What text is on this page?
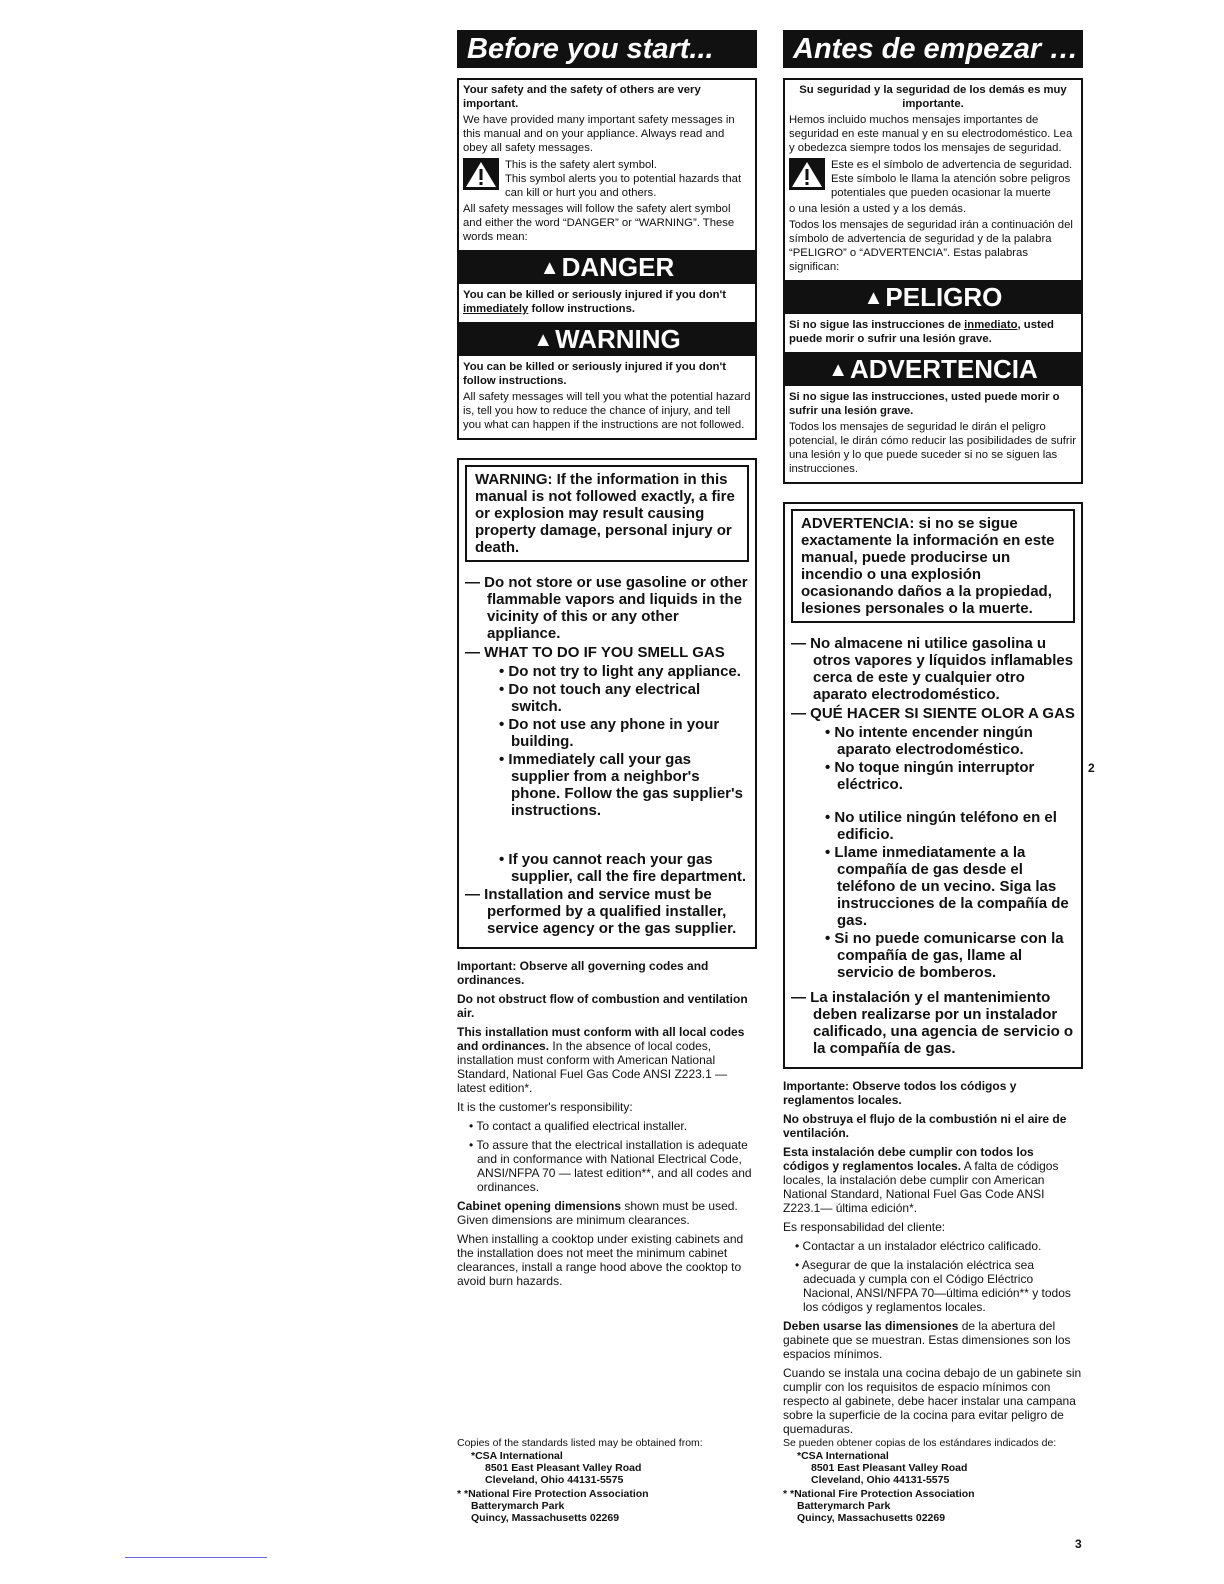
Before you start...

Your safety and the safety of others are very important.

We have provided many important safety messages in this manual and on your appliance. Always read and obey all safety messages.

This is the safety alert symbol.

This symbol alerts you to potential hazards that can kill or hurt you and others.

All safety messages will follow the safety alert symbol and either the word “DANGER” or “WARNING”. These words mean:

▲DANGER

You can be killed or seriously injured if you don't immediately follow instructions.

▲WARNING

You can be killed or seriously injured if you don't follow instructions.

All safety messages will tell you what the potential hazard is, tell you how to reduce the chance of injury, and tell you what can happen if the instructions are not followed.

WARNING: If the information in this manual is not followed exactly, a fire or explosion may result causing property damage, personal injury or death.

— Do not store or use gasoline or other flammable vapors and liquids in the vicinity of this or any other appliance.

— WHAT TO DO IF YOU SMELL GAS

• Do not try to light any appliance.

• Do not touch any electrical switch.

• Do not use any phone in your building.

• Immediately call your gas supplier from a neighbor's phone. Follow the gas supplier's instructions.

• If you cannot reach your gas supplier, call the fire department.

— Installation and service must be performed by a qualified installer, service agency or the gas supplier.

Important: Observe all governing codes and ordinances.

Do not obstruct flow of combustion and ventilation air.

This installation must conform with all local codes and ordinances. In the absence of local codes, installation must conform with American National Standard, National Fuel Gas Code ANSI Z223.1 — latest edition*.

It is the customer's responsibility:

• To contact a qualified electrical installer.

• To assure that the electrical installation is adequate and in conformance with National Electrical Code, ANSI/NFPA 70 — latest edition**, and all codes and ordinances.

Cabinet opening dimensions shown must be used. Given dimensions are minimum clearances.

When installing a cooktop under existing cabinets and the installation does not meet the minimum cabinet clearances, install a range hood above the cooktop to avoid burn hazards.

Antes de empezar …

Su seguridad y la seguridad de los demás es muy importante.

Hemos incluido muchos mensajes importantes de seguridad en este manual y en su electrodoméstico. Lea y obedezca siempre todos los mensajes de seguridad.

Este es el símbolo de advertencia de seguridad.

Este símbolo le llama la atención sobre peligros potentiales que pueden ocasionar la muerte

o una lesión a usted y a los demás.

Todos los mensajes de seguridad irán a continuación del símbolo de advertencia de seguridad y de la palabra “PELIGRO” o “ADVERTENCIA”. Estas palabras significan:

▲PELIGRO

Si no sigue las instrucciones de inmediato, usted puede morir o sufrir una lesión grave.

▲ADVERTENCIA

Si no sigue las instrucciones, usted puede morir o sufrir una lesión grave.

Todos los mensajes de seguridad le dirán el peligro potencial, le dirán cómo reducir las posibilidades de sufrir una lesión y lo que puede suceder si no se siguen las instrucciones.

ADVERTENCIA: si no se sigue exactamente la información en este manual, puede producirse un incendio o una explosión ocasionando daños a la propiedad, lesiones personales o la muerte.

— No almacene ni utilice gasolina u otros vapores y líquidos inflamables cerca de este y cualquier otro aparato electrodoméstico.

— QUÉ HACER SI SIENTE OLOR A GAS

• No intente encender ningún aparato electrodoméstico.

• No toque ningún interruptor eléctrico.

• No utilice ningún teléfono en el edificio.

• Llame inmediatamente a la compañía de gas desde el teléfono de un vecino. Siga las instrucciones de la compañía de gas.

• Si no puede comunicarse con la compañía de gas, llame al servicio de bomberos.

— La instalación y el mantenimiento deben realizarse por un instalador calificado, una agencia de servicio o la compañía de gas.

Importante: Observe todos los códigos y reglamentos locales.

No obstruya el flujo de la combustión ni el aire de ventilación.

Esta instalación debe cumplir con todos los códigos y reglamentos locales. A falta de códigos locales, la instalación debe cumplir con American National Standard, National Fuel Gas Code ANSI Z223.1— última edición*.

Es responsabilidad del cliente:

• Contactar a un instalador eléctrico calificado.

• Asegurar de que la instalación eléctrica sea adecuada y cumpla con el Código Eléctrico Nacional, ANSI/NFPA 70—última edición** y todos los códigos y reglamentos locales.

Deben usarse las dimensiones de la abertura del gabinete que se muestran. Estas dimensiones son los espacios mínimos.

Cuando se instala una cocina debajo de un gabinete sin cumplir con los requisitos de espacio mínimos con respecto al gabinete, debe hacer instalar una campana sobre la superficie de la cocina para evitar peligro de quemaduras.

Copies of the standards listed may be obtained from:

*CSA International
8501 East Pleasant Valley Road
Cleveland, Ohio 44131-5575
* *National Fire Protection Association
Batterymarch Park
Quincy, Massachusetts 02269

Se pueden obtener copias de los estándares indicados de:

*CSA International
8501 East Pleasant Valley Road
Cleveland, Ohio 44131-5575
* *National Fire Protection Association
Batterymarch Park
Quincy, Massachusetts 02269
2
3
